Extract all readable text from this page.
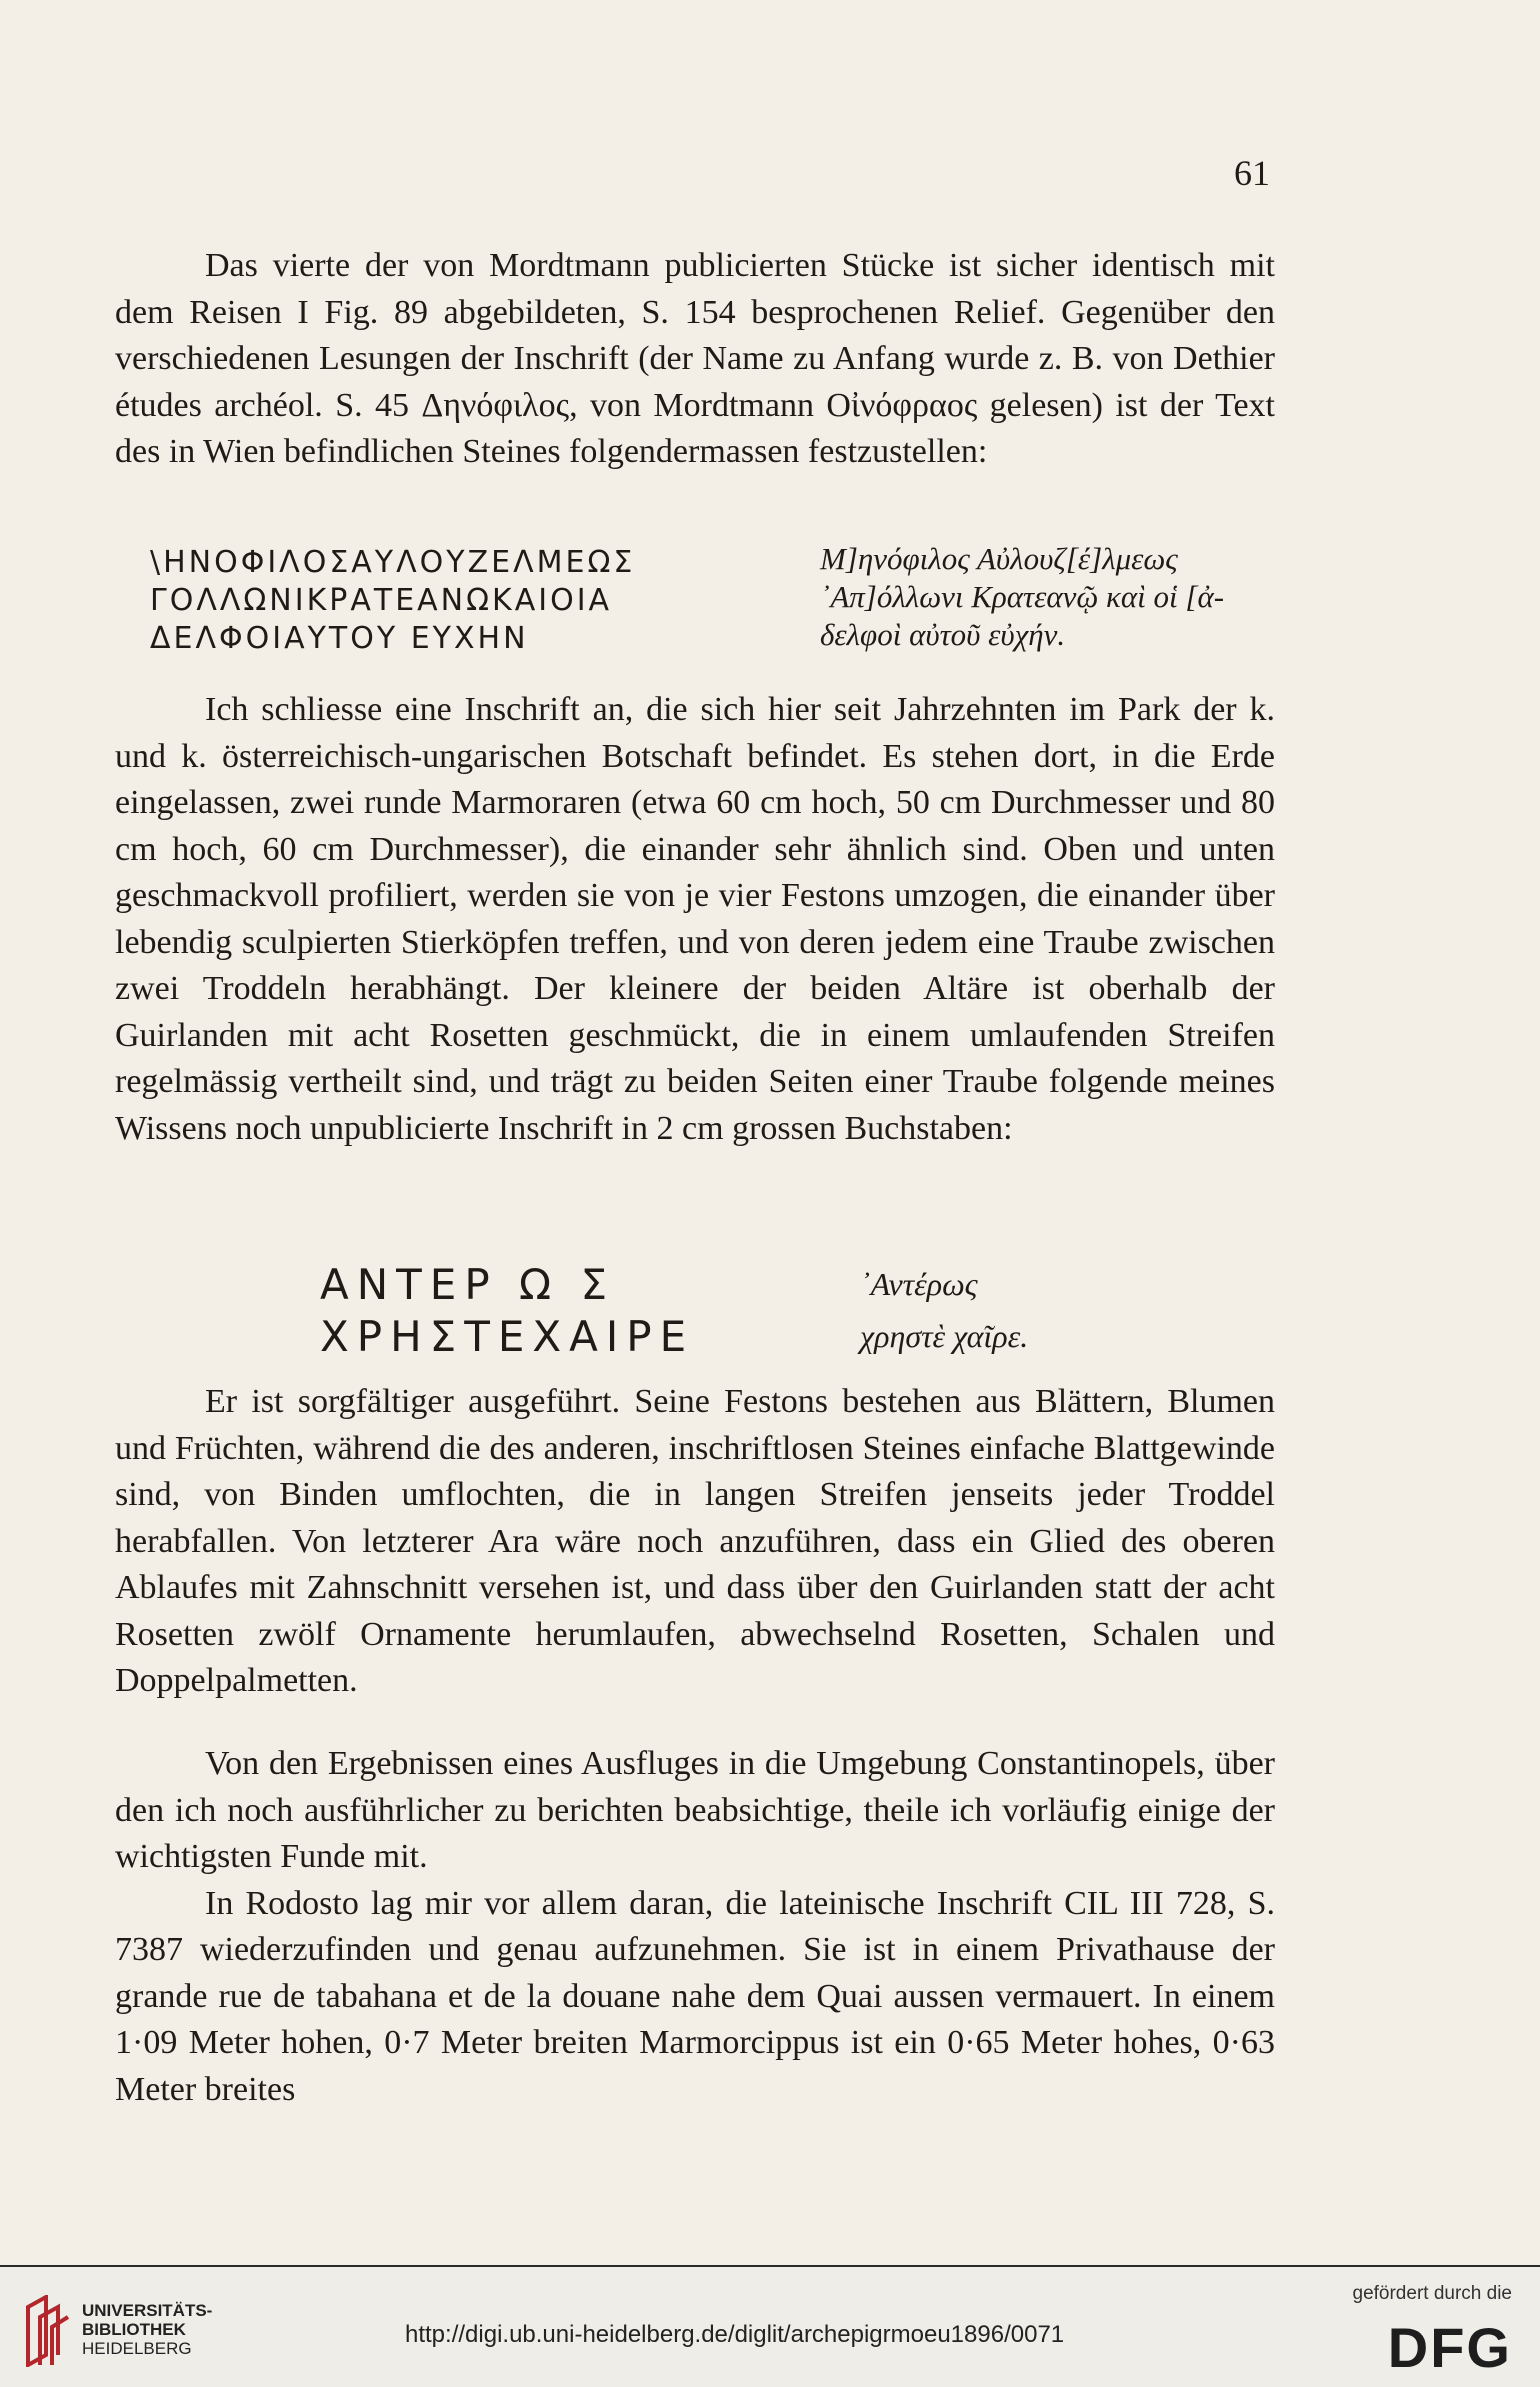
61

Das vierte der von Mordtmann publicierten Stücke ist sicher identisch mit dem Reisen I Fig. 89 abgebildeten, S. 154 besprochenen Relief. Gegenüber den verschiedenen Lesungen der Inschrift (der Name zu Anfang wurde z. B. von Dethier études archéol. S. 45 Δηνόφιλος, von Mordtmann Οἰνόφραος gelesen) ist der Text des in Wien befindlichen Steines folgendermassen festzustellen:

\ΗΝΟΦΙΛΟΣΑΥΛΟΥΖΕΛΜΕΩΣ
ΓΟΛΛΩΝΙΚΡΑΤΕΑΝΩΚΑΙΟΙΑ
ΔΕΛΦΟΙΑΥΤΟΥ ΕΥΧΗΝ
Μ]ηνόφιλος Αὐλουζ[έ]λμεως
᾿Απ]όλλωνι Κρατεανῷ καὶ οἱ [ἀ-
δελφοὶ αὐτοῦ εὐχήν.

Ich schliesse eine Inschrift an, die sich hier seit Jahrzehnten im Park der k. und k. österreichisch-ungarischen Botschaft befindet. Es stehen dort, in die Erde eingelassen, zwei runde Marmoraren (etwa 60 cm hoch, 50 cm Durchmesser und 80 cm hoch, 60 cm Durchmesser), die einander sehr ähnlich sind. Oben und unten geschmackvoll profiliert, werden sie von je vier Festons umzogen, die einander über lebendig sculpierten Stierköpfen treffen, und von deren jedem eine Traube zwischen zwei Troddeln herabhängt. Der kleinere der beiden Altäre ist oberhalb der Guirlanden mit acht Rosetten geschmückt, die in einem umlaufenden Streifen regelmässig vertheilt sind, und trägt zu beiden Seiten einer Traube folgende meines Wissens noch unpublicierte Inschrift in 2 cm grossen Buchstaben:

ΑΝΤΕΡ Ω Σ
ΧΡΗΣΤΕΧΑΙΡΕ
᾿Αντέρως
χρηστὲ χαῖρε.

Er ist sorgfältiger ausgeführt. Seine Festons bestehen aus Blättern, Blumen und Früchten, während die des anderen, inschriftlosen Steines einfache Blattgewinde sind, von Binden umflochten, die in langen Streifen jenseits jeder Troddel herabfallen. Von letzterer Ara wäre noch anzuführen, dass ein Glied des oberen Ablaufes mit Zahnschnitt versehen ist, und dass über den Guirlanden statt der acht Rosetten zwölf Ornamente herumlaufen, abwechselnd Rosetten, Schalen und Doppelpalmetten.

Von den Ergebnissen eines Ausfluges in die Umgebung Constantinopels, über den ich noch ausführlicher zu berichten beabsichtige, theile ich vorläufig einige der wichtigsten Funde mit.

In Rodosto lag mir vor allem daran, die lateinische Inschrift CIL III 728, S. 7387 wiederzufinden und genau aufzunehmen. Sie ist in einem Privathause der grande rue de tabahana et de la douane nahe dem Quai aussen vermauert. In einem 1·09 Meter hohen, 0·7 Meter breiten Marmorcippus ist ein 0·65 Meter hohes, 0·63 Meter breites

UNIVERSITÄTS-
BIBLIOTHEK
HEIDELBERG
http://digi.ub.uni-heidelberg.de/diglit/archepigrmoeu1896/0071
gefördert durch die
DFG
